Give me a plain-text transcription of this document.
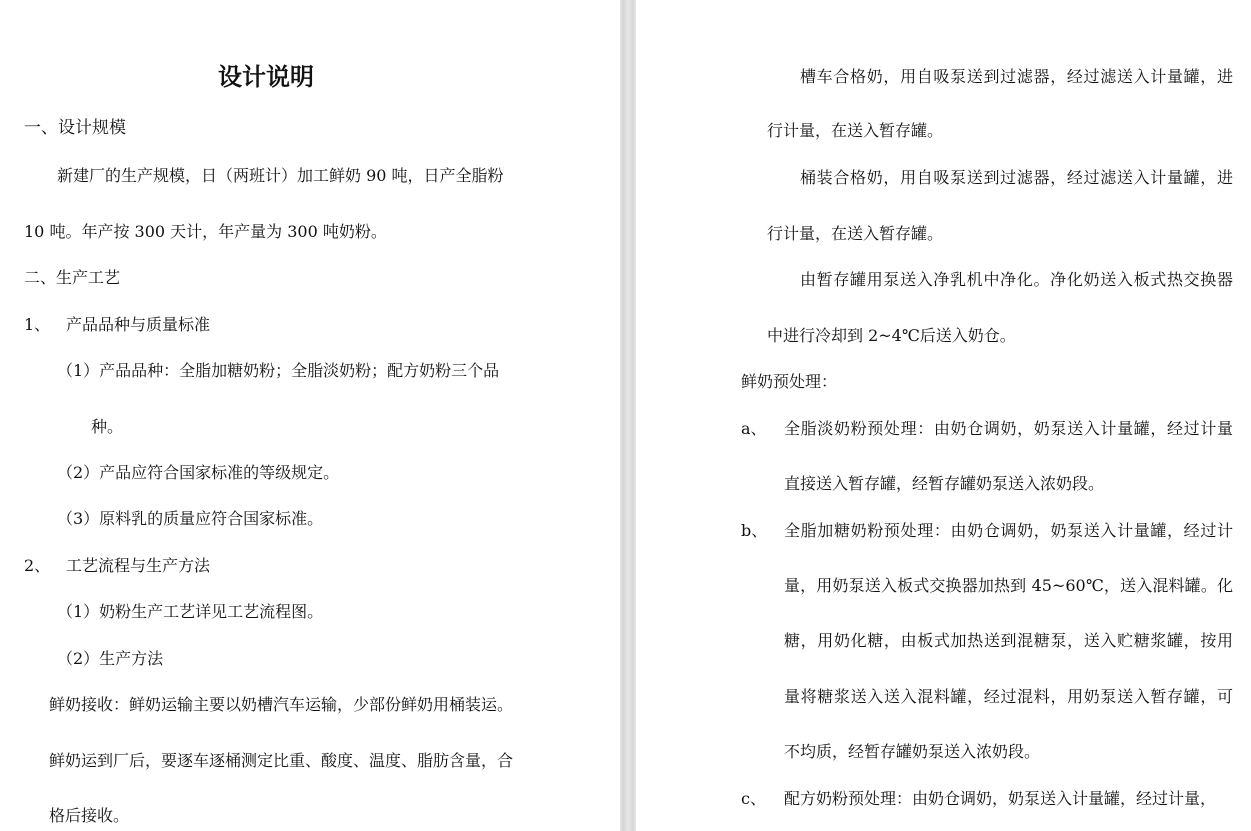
设计说明
一、设计规模
新建厂的生产规模，日（两班计）加工鲜奶 90 吨，日产全脂粉
10 吨。年产按 300 天计，年产量为 300 吨奶粉。
二、生产工艺
1、 产品品种与质量标准
（1）产品品种：全脂加糖奶粉；全脂淡奶粉；配方奶粉三个品
种。
（2）产品应符合国家标准的等级规定。
（3）原料乳的质量应符合国家标准。
2、 工艺流程与生产方法
（1）奶粉生产工艺详见工艺流程图。
（2）生产方法
鲜奶接收：鲜奶运输主要以奶槽汽车运输，少部份鲜奶用桶装运。
鲜奶运到厂后，要逐车逐桶测定比重、酸度、温度、脂肪含量，合
格后接收。
槽车合格奶，用自吸泵送到过滤器，经过滤送入计量罐，进
行计量，在送入暂存罐。
桶装合格奶，用自吸泵送到过滤器，经过滤送入计量罐，进
行计量，在送入暂存罐。
由暂存罐用泵送入净乳机中净化。净化奶送入板式热交换器
中进行冷却到 2~4℃后送入奶仓。
鲜奶预处理：
a、 全脂淡奶粉预处理：由奶仓调奶，奶泵送入计量罐，经过计量
直接送入暂存罐，经暂存罐奶泵送入浓奶段。
b、 全脂加糖奶粉预处理：由奶仓调奶，奶泵送入计量罐，经过计
量，用奶泵送入板式交换器加热到 45~60℃，送入混料罐。化
糖，用奶化糖，由板式加热送到混糖泵，送入贮糖浆罐，按用
量将糖浆送入送入混料罐，经过混料，用奶泵送入暂存罐，可
不均质，经暂存罐奶泵送入浓奶段。
c、 配方奶粉预处理：由奶仓调奶，奶泵送入计量罐，经过计量，
